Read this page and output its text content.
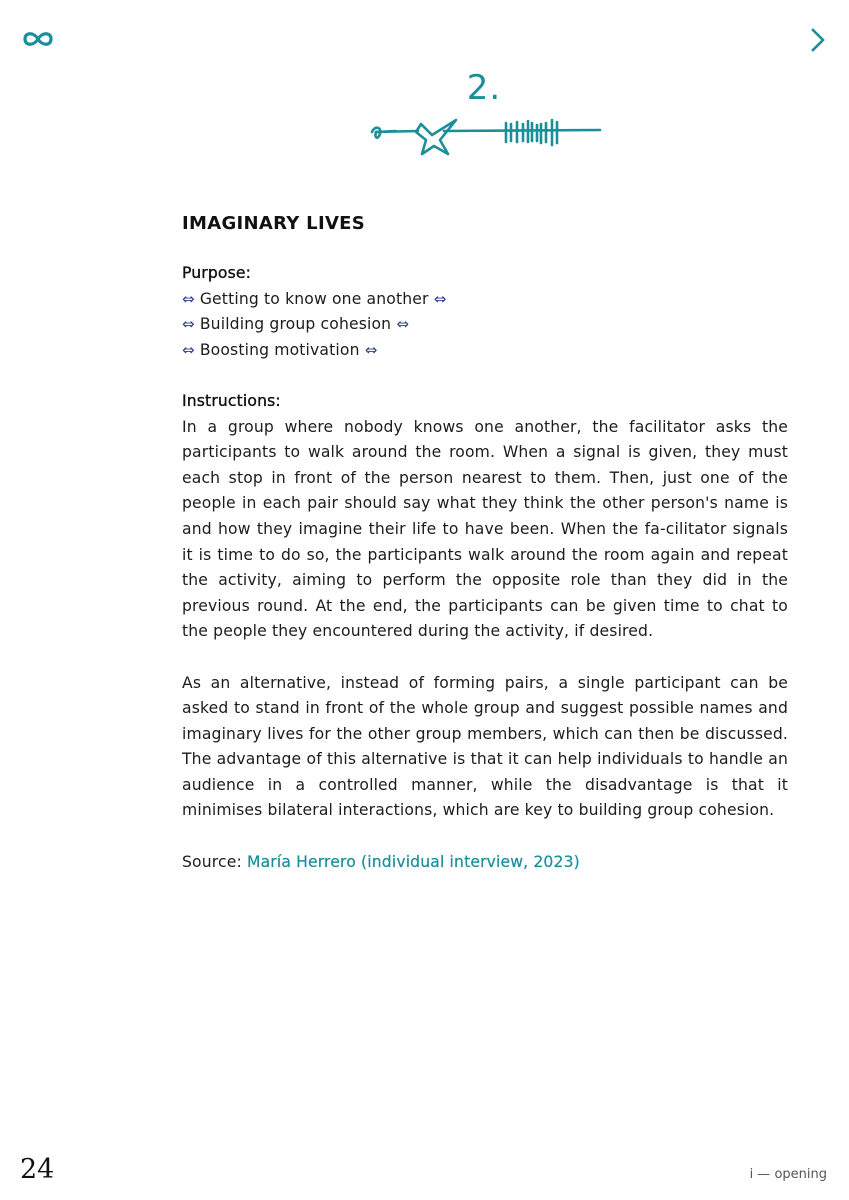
2.
IMAGINARY LIVES
Purpose:
⇔ Getting to know one another ⇔
⇔ Building group cohesion ⇔
⇔ Boosting motivation ⇔
Instructions:

In a group where nobody knows one another, the facilitator asks the participants to walk around the room. When a signal is given, they must each stop in front of the person nearest to them. Then, just one of the people in each pair should say what they think the other person's name is and how they imagine their life to have been. When the fa-cilitator signals it is time to do so, the participants walk around the room again and repeat the activity, aiming to perform the opposite role than they did in the previous round. At the end, the participants can be given time to chat to the people they encountered during the activity, if desired.

As an alternative, instead of forming pairs, a single participant can be asked to stand in front of the whole group and suggest possible names and imaginary lives for the other group members, which can then be discussed. The advantage of this alternative is that it can help individuals to handle an audience in a controlled manner, while the disadvantage is that it minimises bilateral interactions, which are key to building group cohesion.

Source: María Herrero (individual interview, 2023)
24	i — opening
